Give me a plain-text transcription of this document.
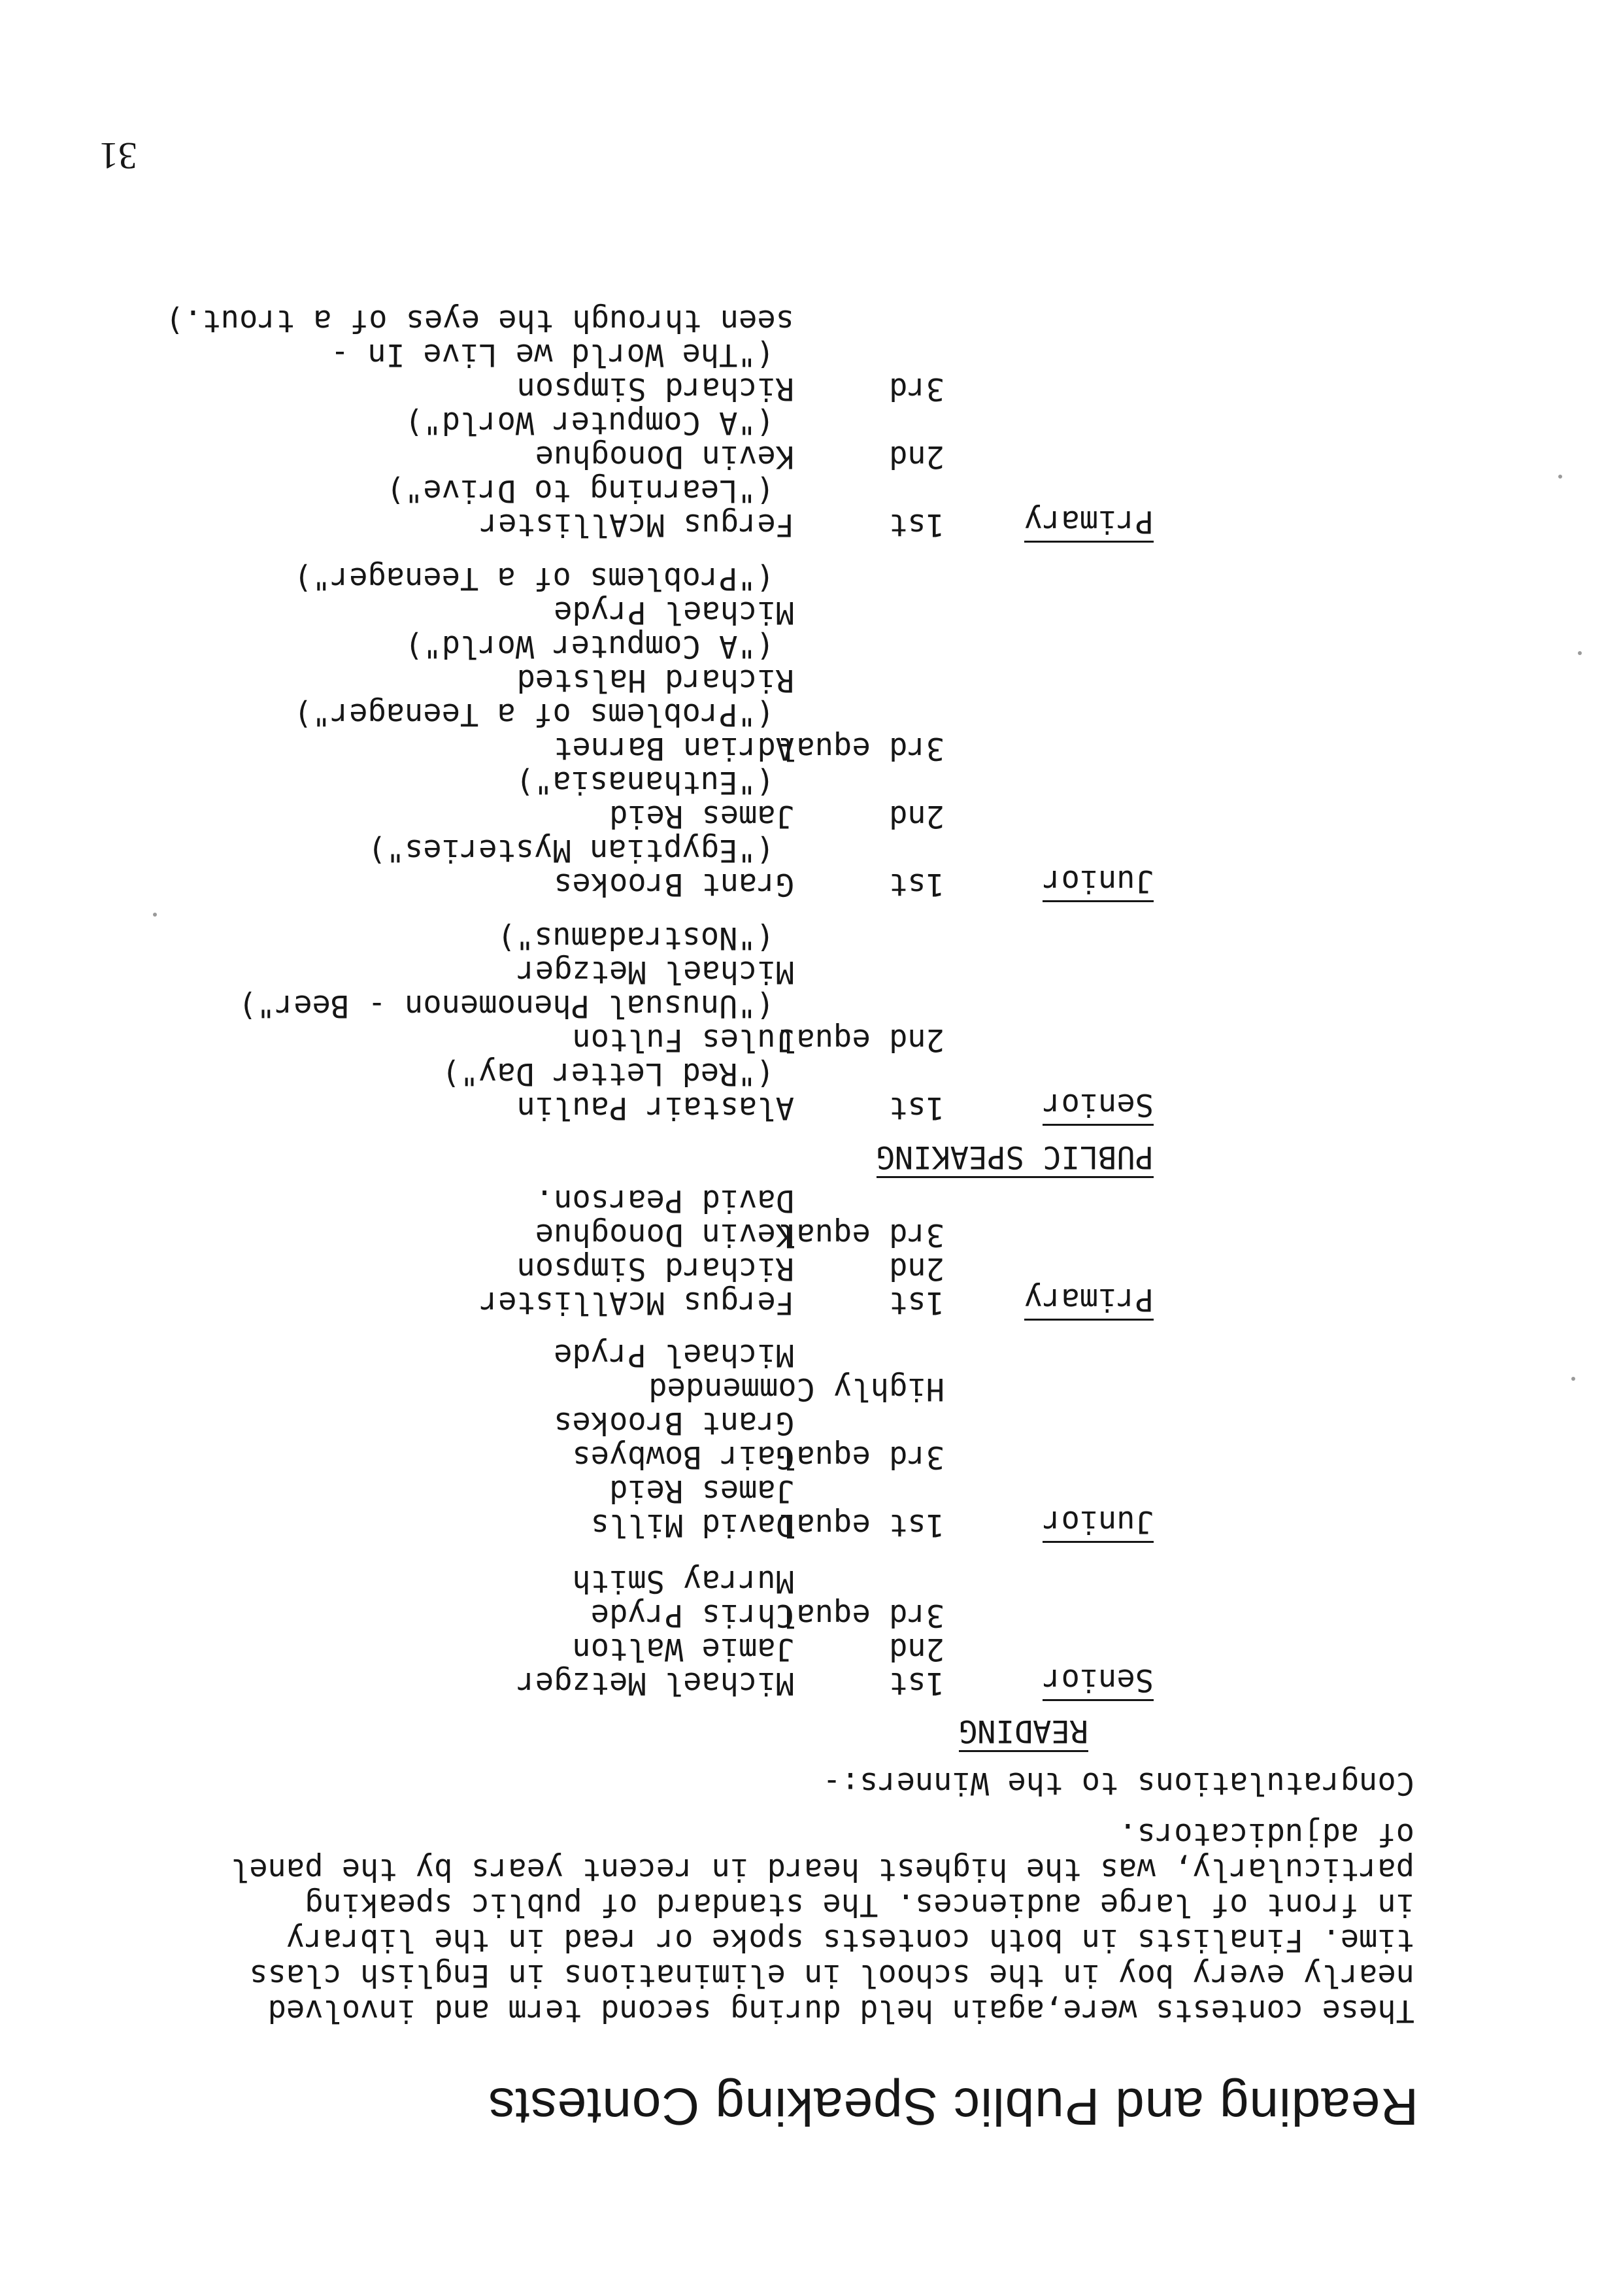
Reading and Public Speaking Contests
These contests were,again held during second term and involved
nearly every boy in the school in eliminations in English class
time. Finalists in both contests spoke or read in the library
in front of large audiences. The standard of public speaking
particularly, was the highest heard in recent years by the panel
of adjudicators.
Congratulations to the Winners:-
READING
Senior
1st
Michael Metzger
2nd
Jamie Walton
3rd equal
Chris Pryde
Murray Smith
Junior
1st equal
David Mills
James Reid
3rd equal
Gair Bowbyes
Grant Brookes
Highly Commended
Michael Pryde
Primary
1st
Fergus McAllister
2nd
Richard Simpson
3rd equal
Kevin Donoghue
David Pearson.
PUBLIC SPEAKING
Senior
1st
Alastair Paulin
("Red Letter Day")
2nd equal
Jules Fulton
("Unusual Phenomenon - Beer")
Michael Metzger
("Nostradamus")
Junior
1st
Grant Brookes
("Egyptian Mysteries")
2nd
James Reid
("Euthanasia")
3rd equal
Adrian Barnet
("Problems of a Teenager")
Richard Halsted
("A Computer World")
Michael Pryde
("Problems of a Teenager")
Primary
1st
Fergus McAllister
("Learning to Drive")
2nd
Kevin Donoghue
("A Computer World")
3rd
Richard Simpson
("The World we Live In -
seen through the eyes of a trout.)
31
